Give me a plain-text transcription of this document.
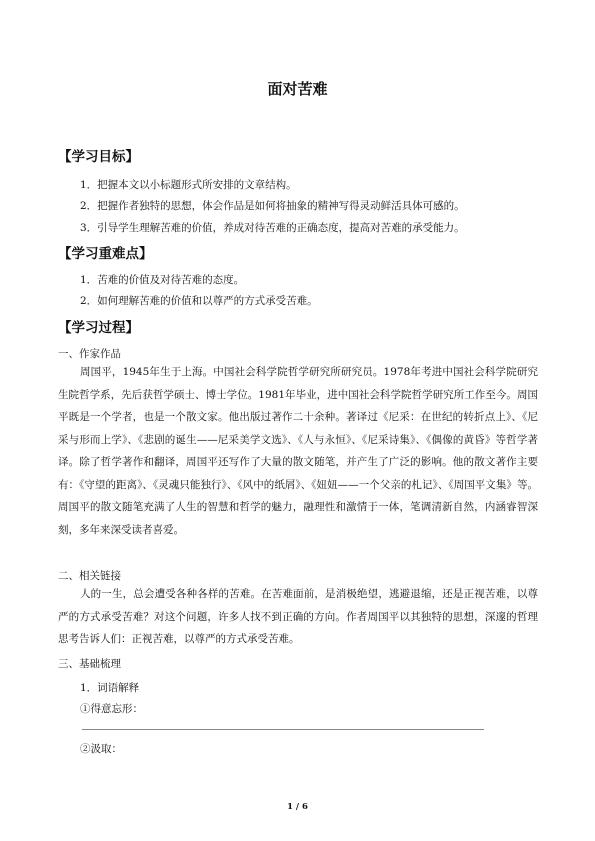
面对苦难
【学习目标】
1．把握本文以小标题形式所安排的文章结构。
2．把握作者独特的思想，体会作品是如何将抽象的精神写得灵动鲜活具体可感的。
3．引导学生理解苦难的价值，养成对待苦难的正确态度，提高对苦难的承受能力。
【学习重难点】
1．苦难的价值及对待苦难的态度。
2．如何理解苦难的价值和以尊严的方式承受苦难。
【学习过程】
一、作家作品

周国平，1945年生于上海。中国社会科学院哲学研究所研究员。1978年考进中国社会科学院研究生院哲学系，先后获哲学硕士、博士学位。1981年毕业，进中国社会科学院哲学研究所工作至今。周国平既是一个学者，也是一个散文家。他出版过著作二十余种。著译过《尼采：在世纪的转折点上》、《尼采与形而上学》、《悲剧的诞生——尼采美学文选》、《人与永恒》、《尼采诗集》、《偶像的黄昏》等哲学著译。除了哲学著作和翻译，周国平还写作了大量的散文随笔，并产生了广泛的影响。他的散文著作主要有：《守望的距离》、《灵魂只能独行》、《风中的纸屑》、《妞妞——一个父亲的札记》、《周国平文集》等。周国平的散文随笔充满了人生的智慧和哲学的魅力，融理性和激情于一体，笔调清新自然，内涵睿智深刻，多年来深受读者喜爱。

二、相关链接

人的一生，总会遭受各种各样的苦难。在苦难面前，是消极绝望，逃避退缩，还是正视苦难，以尊严的方式承受苦难？对这个问题，许多人找不到正确的方向。作者周国平以其独特的思想，深邃的哲理思考告诉人们：正视苦难，以尊严的方式承受苦难。

三、基础梳理
1．词语解释
①得意忘形：
②汲取：
1 / 6
